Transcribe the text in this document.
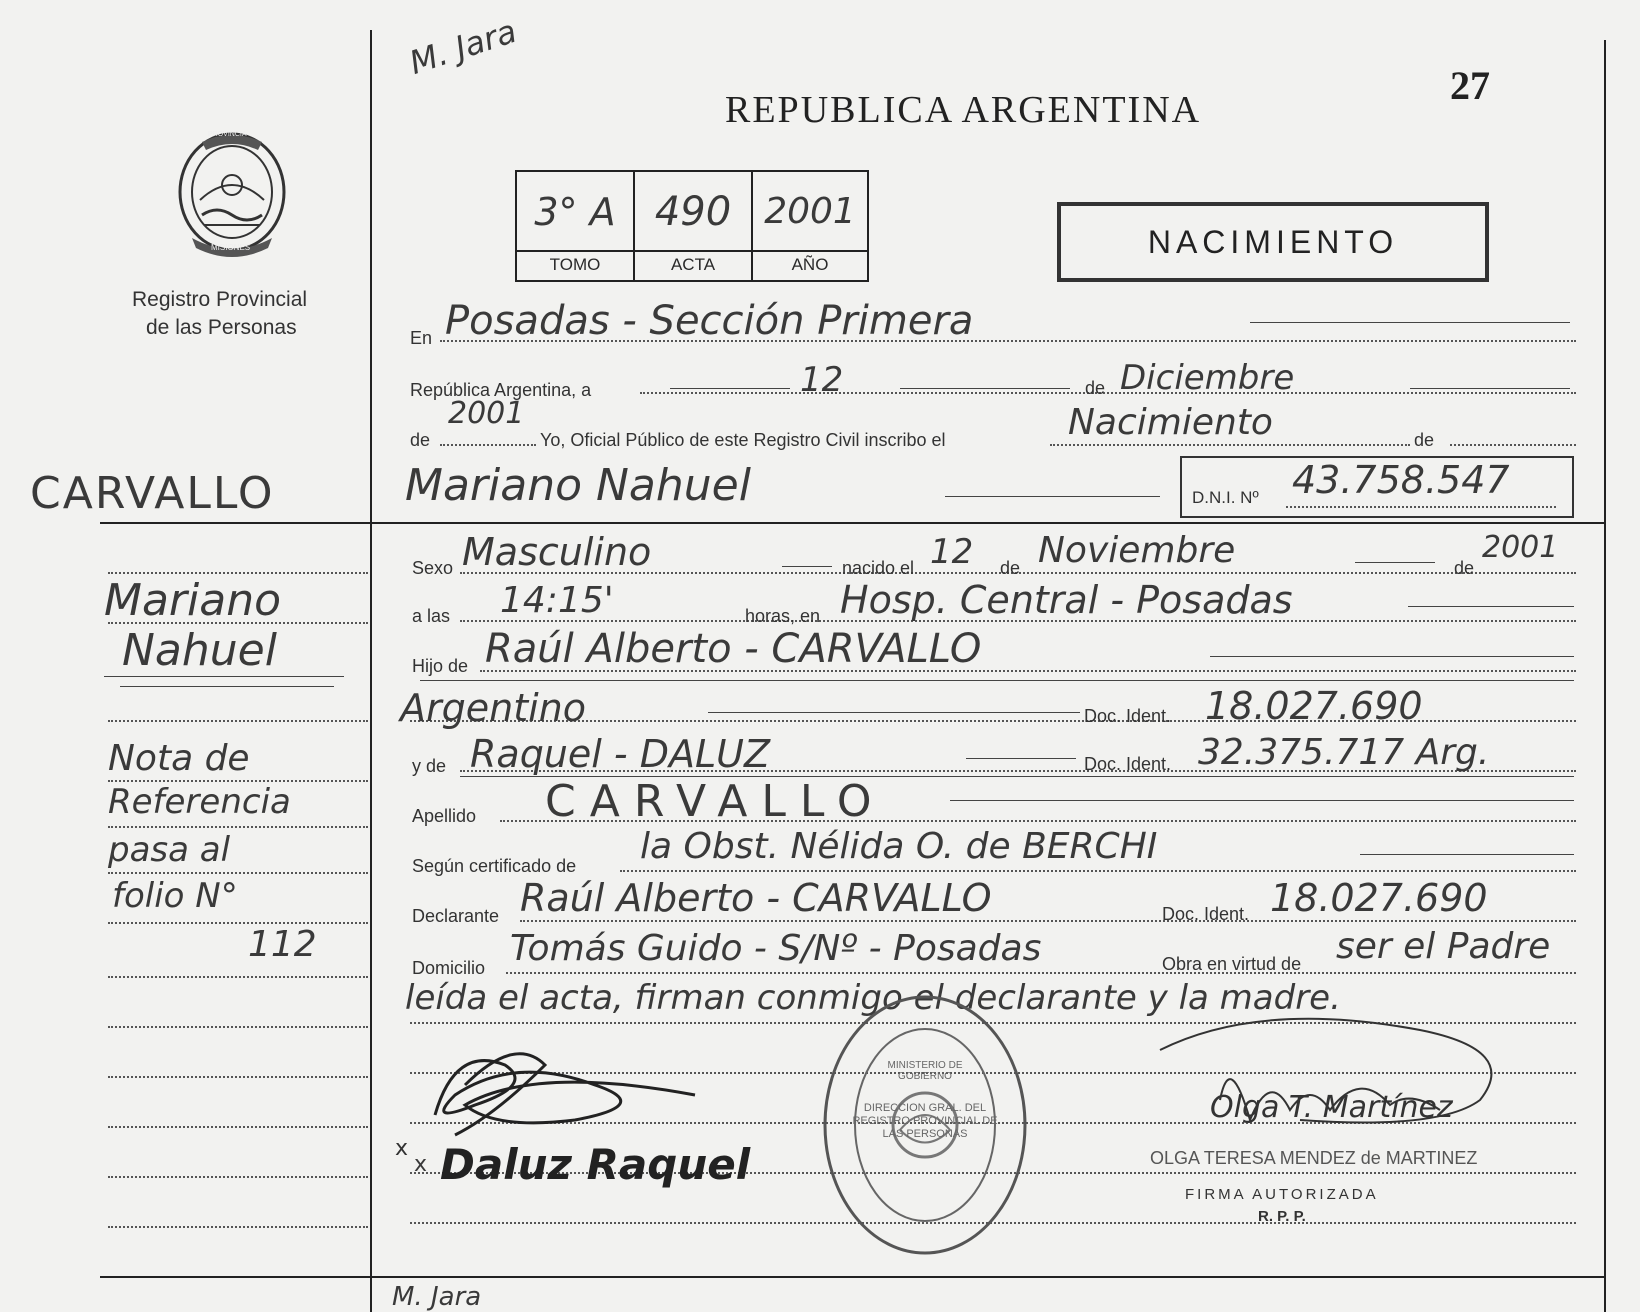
M. Jara
REPUBLICA ARGENTINA
27
PROVINCIA
MISIONES
Registro Provincial
de las Personas
3° A 490 2001
TOMO	ACTA	AÑO
NACIMIENTO
En Posadas - Sección Primera
República Argentina, a	12	de Diciembre
2001
de	Yo, Oficial Público de este Registro Civil inscribo el	Nacimiento	de
Mariano Nahuel	D.N.I. Nº 43.758.547
CARVALLO
Mariano
Nahuel
Nota de
Referencia
pasa al
folio N°
112
Sexo Masculino	nacido el 12 de Noviembre	de
2001
a las 14:15'	horas, en Hosp. Central - Posadas
Hijo de Raúl Alberto - CARVALLO
Argentino	Doc. Ident. 18.027.690
y de Raquel - DALUZ	Doc. Ident. 32.375.717 Arg.
Apellido CARVALLO
Según certificado de la Obst. Nélida O. de BERCHI
Declarante Raúl Alberto - CARVALLO	Doc. Ident. 18.027.690
Domicilio Tomás Guido - S/Nº - Posadas	Obra en virtud de ser el Padre
leída el acta, firman conmigo el declarante y la madre.
x Daluz Raquel
x
DIRECCION GRAL. DEL REGISTRO PROVINCIAL DE LAS PERSONAS
MINISTERIO DE GOBIERNO
Olga T. Martínez
OLGA TERESA MENDEZ de MARTINEZ
FIRMA AUTORIZADA
R. P. P.
M. Jara
